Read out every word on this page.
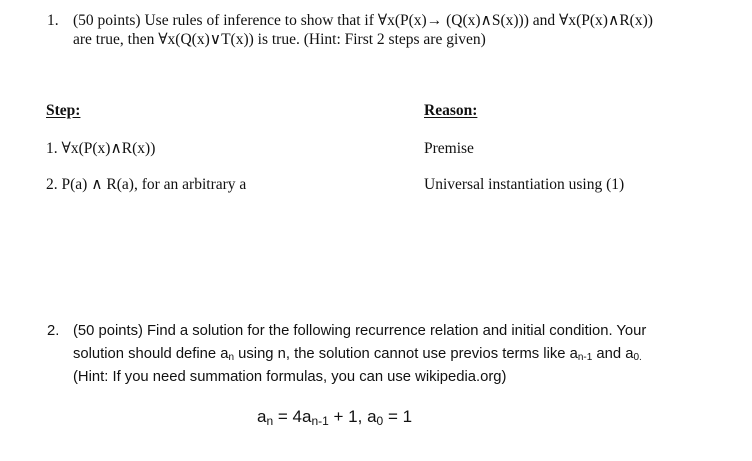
1. (50 points) Use rules of inference to show that if ∀x(P(x)→ (Q(x)∧S(x))) and ∀x(P(x)∧R(x))
are true, then ∀x(Q(x)∨T(x)) is true. (Hint: First 2 steps are given)
Step:	Reason:
1. ∀x(P(x)∧R(x))	Premise
2. P(a) ∧ R(a), for an arbitrary a	Universal instantiation using (1)
2. (50 points) Find a solution for the following recurrence relation and initial condition. Your
solution should define $a_n$ using n, the solution cannot use previos terms like $a_{n-1}$ and $a_{0.}$
(Hint: If you need summation formulas, you can use wikipedia.org)
$a_n = 4a_{n-1} + 1$, $a_0 = 1$
